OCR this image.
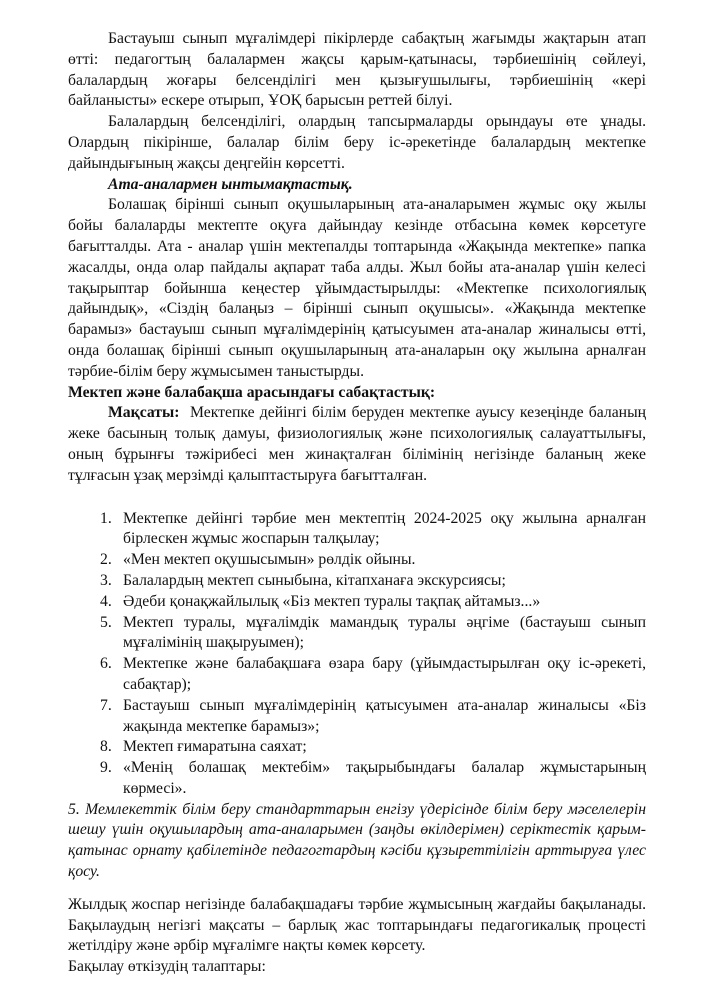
Бастауыш сынып мұғалімдері пікірлерде сабақтың жағымды жақтарын атап өтті: педагогтың балалармен жақсы қарым-қатынасы, тәрбиешінің сөйлеуі, балалардың жоғары белсенділігі мен қызығушылығы, тәрбиешінің «кері байланысты» ескере отырып, ҰОҚ барысын реттей білуі.

Балалардың белсенділігі, олардың тапсырмаларды орындауы өте ұнады. Олардың пікірінше, балалар білім беру іс-әрекетінде балалардың мектепке дайындығының жақсы деңгейін көрсетті.

Ата-аналармен ынтымақтастық.

Болашақ бірінші сынып оқушыларының ата-аналарымен жұмыс оқу жылы бойы балаларды мектепте оқуға дайындау кезінде отбасына көмек көрсетуге бағытталды. Ата - аналар үшін мектепалды топтарында «Жақында мектепке» папка жасалды, онда олар пайдалы ақпарат таба алды. Жыл бойы ата-аналар үшін келесі тақырыптар бойынша кеңестер ұйымдастырылды: «Мектепке психологиялық дайындық», «Сіздің балаңыз – бірінші сынып оқушысы». «Жақында мектепке барамыз» бастауыш сынып мұғалімдерінің қатысуымен ата-аналар жиналысы өтті, онда болашақ бірінші сынып оқушыларының ата-аналарын оқу жылына арналған тәрбие-білім беру жұмысымен таныстырды.

Мектеп және балабақша арасындағы сабақтастық:

Мақсаты: Мектепке дейінгі білім беруден мектепке ауысу кезеңінде баланың жеке басының толық дамуы, физиологиялық және психологиялық салауаттылығы, оның бұрынғы тәжірибесі мен жинақталған білімінің негізінде баланың жеке тұлғасын ұзақ мерзімді қалыптастыруға бағытталған.

1. Мектепке дейінгі тәрбие мен мектептің 2024-2025 оқу жылына арналған бірлескен жұмыс жоспарын талқылау;
2. «Мен мектеп оқушысымын» рөлдік ойыны.
3. Балалардың мектеп сыныбына, кітапханаға экскурсиясы;
4. Әдеби қонақжайлылық «Біз мектеп туралы тақпақ айтамыз...»
5. Мектеп туралы, мұғалімдік мамандық туралы әңгіме (бастауыш сынып мұғалімінің шақыруымен);
6. Мектепке және балабақшаға өзара бару (ұйымдастырылған оқу іс-әрекеті, сабақтар);
7. Бастауыш сынып мұғалімдерінің қатысуымен ата-аналар жиналысы «Біз жақында мектепке барамыз»;
8. Мектеп ғимаратына саяхат;
9. «Менің болашақ мектебім» тақырыбындағы балалар жұмыстарының көрмесі».

5. Мемлекеттік білім беру стандарттарын енгізу үдерісінде білім беру мәселелерін шешу үшін оқушылардың ата-аналарымен (заңды өкілдерімен) серіктестік қарым-қатынас орнату қабілетінде педагогтардың кәсіби құзыреттілігін арттыруға үлес қосу.

Жылдық жоспар негізінде балабақшадағы тәрбие жұмысының жағдайы бақыланады. Бақылаудың негізгі мақсаты – барлық жас топтарындағы педагогикалық процесті жетілдіру және әрбір мұғалімге нақты көмек көрсету.

Бақылау өткізудің талаптары:
